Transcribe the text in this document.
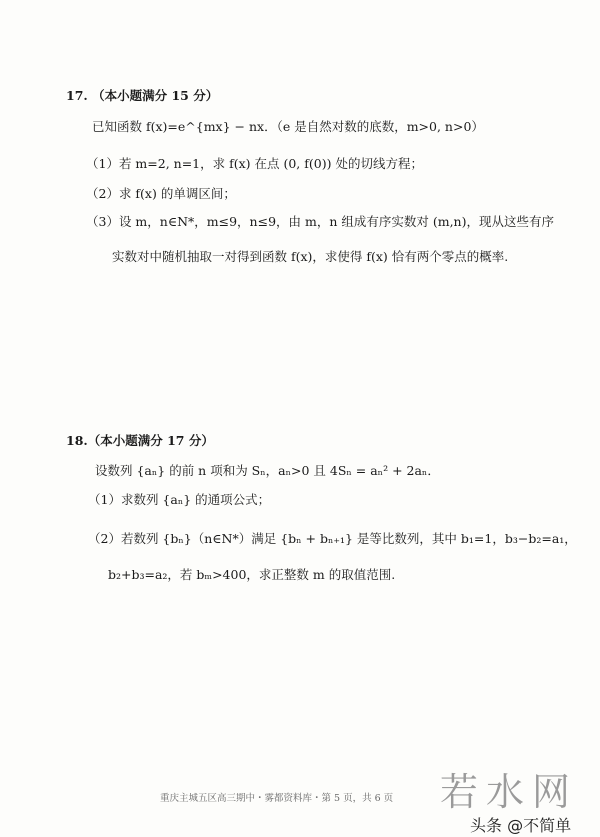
17. （本小题满分 15 分）
已知函数 f(x)=e^{mx} − nx．（e 是自然对数的底数，m>0, n>0）
（1）若 m=2, n=1，求 f(x) 在点 (0, f(0)) 处的切线方程；
（2）求 f(x) 的单调区间；
（3）设 m，n∈N*，m≤9，n≤9，由 m，n 组成有序实数对 (m,n)，现从这些有序
实数对中随机抽取一对得到函数 f(x)，求使得 f(x) 恰有两个零点的概率.
18.（本小题满分 17 分）
设数列 {aₙ} 的前 n 项和为 Sₙ，aₙ>0 且 4Sₙ = aₙ² + 2aₙ．
（1）求数列 {aₙ} 的通项公式；
（2）若数列 {bₙ}（n∈N*）满足 {bₙ + bₙ₊₁} 是等比数列，其中 b₁=1，b₃−b₂=a₁，
b₂+b₃=a₂，若 bₘ>400，求正整数 m 的取值范围.
重庆主城五区高三期中・雾都资料库・第 5 页，共 6 页 若水网
头条 @不简单
